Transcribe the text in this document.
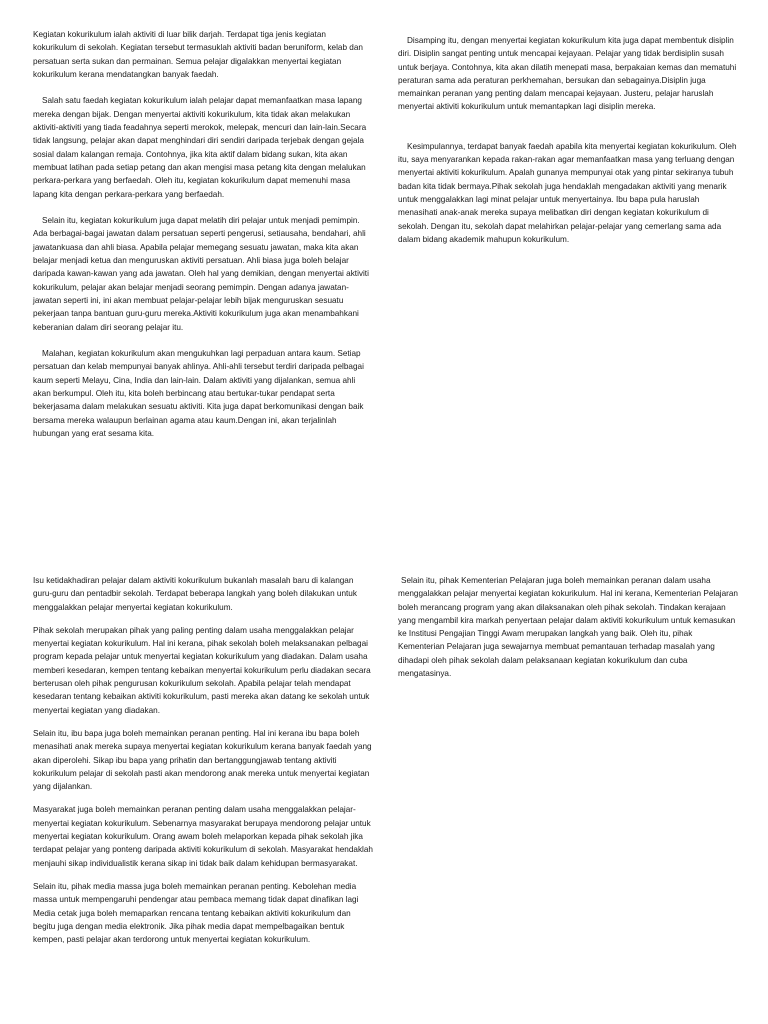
Kegiatan kokurikulum ialah aktiviti di luar bilik darjah. Terdapat tiga jenis kegiatan kokurikulum di sekolah. Kegiatan tersebut termasuklah aktiviti badan beruniform, kelab dan persatuan serta sukan dan permainan. Semua pelajar digalakkan menyertai kegiatan kokurikulum kerana mendatangkan banyak faedah.

Salah satu faedah kegiatan kokurikulum ialah pelajar dapat memanfaatkan masa lapang mereka dengan bijak. Dengan menyertai aktiviti kokurikulum, kita tidak akan melakukan aktiviti-aktiviti yang tiada feadahnya seperti merokok, melepak, mencuri dan lain-lain.Secara tidak langsung, pelajar akan dapat menghindari diri sendiri daripada terjebak dengan gejala sosial dalam kalangan remaja. Contohnya, jika kita aktif dalam bidang sukan, kita akan membuat latihan pada setiap petang dan akan mengisi masa petang kita dengan melalukan perkara-perkara yang berfaedah. Oleh itu, kegiatan kokurikulum dapat memenuhi masa lapang kita dengan perkara-perkara yang berfaedah.

Selain itu, kegiatan kokurikulum juga dapat melatih diri pelajar untuk menjadi pemimpin. Ada berbagai-bagai jawatan dalam persatuan seperti pengerusi, setiausaha, bendahari, ahli jawatankuasa dan ahli biasa. Apabila pelajar memegang sesuatu jawatan, maka kita akan belajar menjadi ketua dan menguruskan aktiviti persatuan. Ahli biasa juga boleh belajar daripada kawan-kawan yang ada jawatan. Oleh hal yang demikian, dengan menyertai aktiviti kokurikulum, pelajar akan belajar menjadi seorang pemimpin. Dengan adanya jawatan-jawatan seperti ini, ini akan membuat pelajar-pelajar lebih bijak menguruskan sesuatu pekerjaan tanpa bantuan guru-guru mereka.Aktiviti kokurikulum juga akan menambahkani keberanian dalam diri seorang pelajar itu.

Malahan, kegiatan kokurikulum akan mengukuhkan lagi perpaduan antara kaum. Setiap persatuan dan kelab mempunyai banyak ahlinya. Ahli-ahli tersebut terdiri daripada pelbagai kaum seperti Melayu, Cina, India dan lain-lain. Dalam aktiviti yang dijalankan, semua ahli akan berkumpul. Oleh itu, kita boleh berbincang atau bertukar-tukar pendapat serta bekerjasama dalam melakukan sesuatu aktiviti. Kita juga dapat berkomunikasi dengan baik bersama mereka walaupun berlainan agama atau kaum.Dengan ini, akan terjalinlah hubungan yang erat sesama kita.

Disamping itu, dengan menyertai kegiatan kokurikulum kita juga dapat membentuk disiplin diri. Disiplin sangat penting untuk mencapai kejayaan. Pelajar yang tidak berdisiplin susah untuk berjaya. Contohnya, kita akan dilatih menepati masa, berpakaian kemas dan mematuhi peraturan sama ada peraturan perkhemahan, bersukan dan sebagainya.Disiplin juga memainkan peranan yang penting dalam mencapai kejayaan. Justeru, pelajar haruslah menyertai aktiviti kokurikulum untuk memantapkan lagi disiplin mereka.

Kesimpulannya, terdapat banyak faedah apabila kita menyertai kegiatan kokurikulum. Oleh itu, saya menyarankan kepada rakan-rakan agar memanfaatkan masa yang terluang dengan menyertai aktiviti kokurikulum. Apalah gunanya mempunyai otak yang pintar sekiranya tubuh badan kita tidak bermaya.Pihak sekolah juga hendaklah mengadakan aktiviti yang menarik untuk menggalakkan lagi minat pelajar untuk menyertainya. Ibu bapa pula haruslah menasihati anak-anak mereka supaya melibatkan diri dengan kegiatan kokurikulum di sekolah. Dengan itu, sekolah dapat melahirkan pelajar-pelajar yang cemerlang sama ada dalam bidang akademik mahupun kokurikulum.

Isu ketidakhadiran pelajar dalam aktiviti kokurikulum bukanlah masalah baru di kalangan guru-guru dan pentadbir sekolah. Terdapat beberapa langkah yang boleh dilakukan untuk menggalakkan pelajar menyertai kegiatan kokurikulum.

Pihak sekolah merupakan pihak yang paling penting dalam usaha menggalakkan pelajar menyertai kegiatan kokurikulum. Hal ini kerana, pihak sekolah boleh melaksanakan pelbagai program kepada pelajar untuk menyertai kegiatan kokurikulum yang diadakan. Dalam usaha memberi kesedaran, kempen tentang kebaikan menyertai kokurikulum perlu diadakan secara berterusan oleh pihak pengurusan kokurikulum sekolah. Apabila pelajar telah mendapat kesedaran tentang kebaikan aktiviti kokurikulum, pasti mereka akan datang ke sekolah untuk menyertai kegiatan yang diadakan.

Selain itu, ibu bapa juga boleh memainkan peranan penting. Hal ini kerana ibu bapa boleh menasihati anak mereka supaya menyertai kegiatan kokurikulum kerana banyak faedah yang akan diperolehi. Sikap ibu bapa yang prihatin dan bertanggungjawab tentang aktiviti kokurikulum pelajar di sekolah pasti akan mendorong anak mereka untuk menyertai kegiatan yang dijalankan.

Masyarakat juga boleh memainkan peranan penting dalam usaha menggalakkan pelajar-menyertai kegiatan kokurikulum. Sebenarnya masyarakat berupaya mendorong pelajar untuk menyertai kegiatan kokurikulum. Orang awam boleh melaporkan kepada pihak sekolah jika terdapat pelajar yang ponteng daripada aktiviti kokurikulum di sekolah. Masyarakat hendaklah menjauhi sikap individualistik kerana sikap ini tidak baik dalam kehidupan bermasyarakat.

Selain itu, pihak media massa juga boleh memainkan peranan penting. Kebolehan media massa untuk mempengaruhi pendengar atau pembaca memang tidak dapat dinafikan lagi Media cetak juga boleh memaparkan rencana tentang kebaikan aktiviti kokurikulum dan begitu juga dengan media elektronik. Jika pihak media dapat mempelbagaikan bentuk kempen, pasti pelajar akan terdorong untuk menyertai kegiatan kokurikulum.

Selain itu, pihak Kementerian Pelajaran juga boleh memainkan peranan dalam usaha menggalakkan pelajar menyertai kegiatan kokurikulum. Hal ini kerana, Kementerian Pelajaran boleh merancang program yang akan dilaksanakan oleh pihak sekolah. Tindakan kerajaan yang mengambil kira markah penyertaan pelajar dalam aktiviti kokurikulum untuk kemasukan ke Institusi Pengajian Tinggi Awam merupakan langkah yang baik. Oleh itu, pihak Kementerian Pelajaran juga sewajarnya membuat pemantauan terhadap masalah yang dihadapi oleh pihak sekolah dalam pelaksanaan kegiatan kokurikulum dan cuba mengatasinya.
